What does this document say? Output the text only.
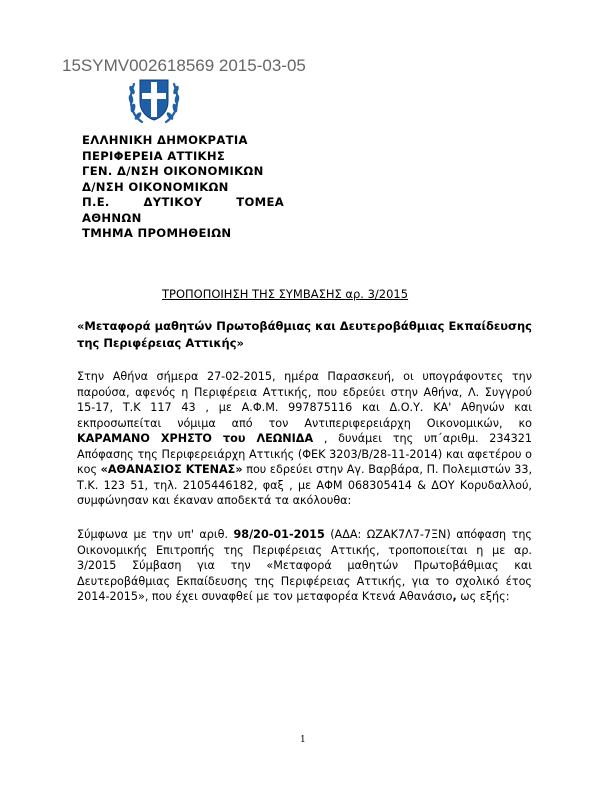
15SYMV002618569 2015-03-05
ΕΛΛΗΝΙΚΗ ΔΗΜΟΚΡΑΤΙΑ
ΠΕΡΙΦΕΡΕΙΑ ΑΤΤΙΚΗΣ
ΓΕΝ. Δ/ΝΣΗ ΟΙΚΟΝΟΜΙΚΩΝ
Δ/ΝΣΗ ΟΙΚΟΝΟΜΙΚΩΝ
Π.Ε.	ΔΥΤΙΚΟΥ	ΤΟΜΕΑ
ΑΘΗΝΩΝ
ΤΜΗΜΑ ΠΡΟΜΗΘΕΙΩΝ
ΤΡΟΠΟΠΟΙΗΣΗ ΤΗΣ ΣΥΜΒΑΣΗΣ αρ. 3/2015
«Μεταφορά μαθητών Πρωτοβάθμιας και Δευτεροβάθμιας Εκπαίδευσης της Περιφέρειας Αττικής»
Στην Αθήνα σήμερα 27-02-2015, ημέρα Παρασκευή, οι υπογράφοντες την παρούσα, αφενός η Περιφέρεια Αττικής, που εδρεύει στην Αθήνα, Λ. Συγγρού 15-17, Τ.Κ 117 43 , με Α.Φ.Μ. 997875116 και Δ.Ο.Υ. ΚΑ' Αθηνών και εκπροσωπείται νόμιμα από τον Αντιπεριφερειάρχη Οικονομικών, κο ΚΑΡΑΜΑΝΟ ΧΡΗΣΤΟ του ΛΕΩΝΙΔΑ , δυνάμει της υπ΄αριθμ. 234321 Απόφασης της Περιφερειάρχη Αττικής (ΦΕΚ 3203/Β/28-11-2014) και αφετέρου ο κος «ΑΘΑΝΑΣΙΟΣ ΚΤΕΝΑΣ» που εδρεύει στην Αγ. Βαρβάρα, Π. Πολεμιστών 33, Τ.Κ. 123 51, τηλ. 2105446182, φαξ , με ΑΦΜ 068305414 & ΔΟΥ Κορυδαλλού, συμφώνησαν και έκαναν αποδεκτά τα ακόλουθα:
Σύμφωνα με την υπ' αριθ. 98/20-01-2015 (ΑΔΑ: ΩΖΑΚ7Λ7-7ΞΝ) απόφαση της Οικονομικής Επιτροπής της Περιφέρειας Αττικής, τροποποιείται η με αρ. 3/2015 Σύμβαση για την «Μεταφορά μαθητών Πρωτοβάθμιας και Δευτεροβάθμιας Εκπαίδευσης της Περιφέρειας Αττικής, για το σχολικό έτος 2014-2015», που έχει συναφθεί με τον μεταφορέα Κτενά Αθανάσιο, ως εξής:
1
